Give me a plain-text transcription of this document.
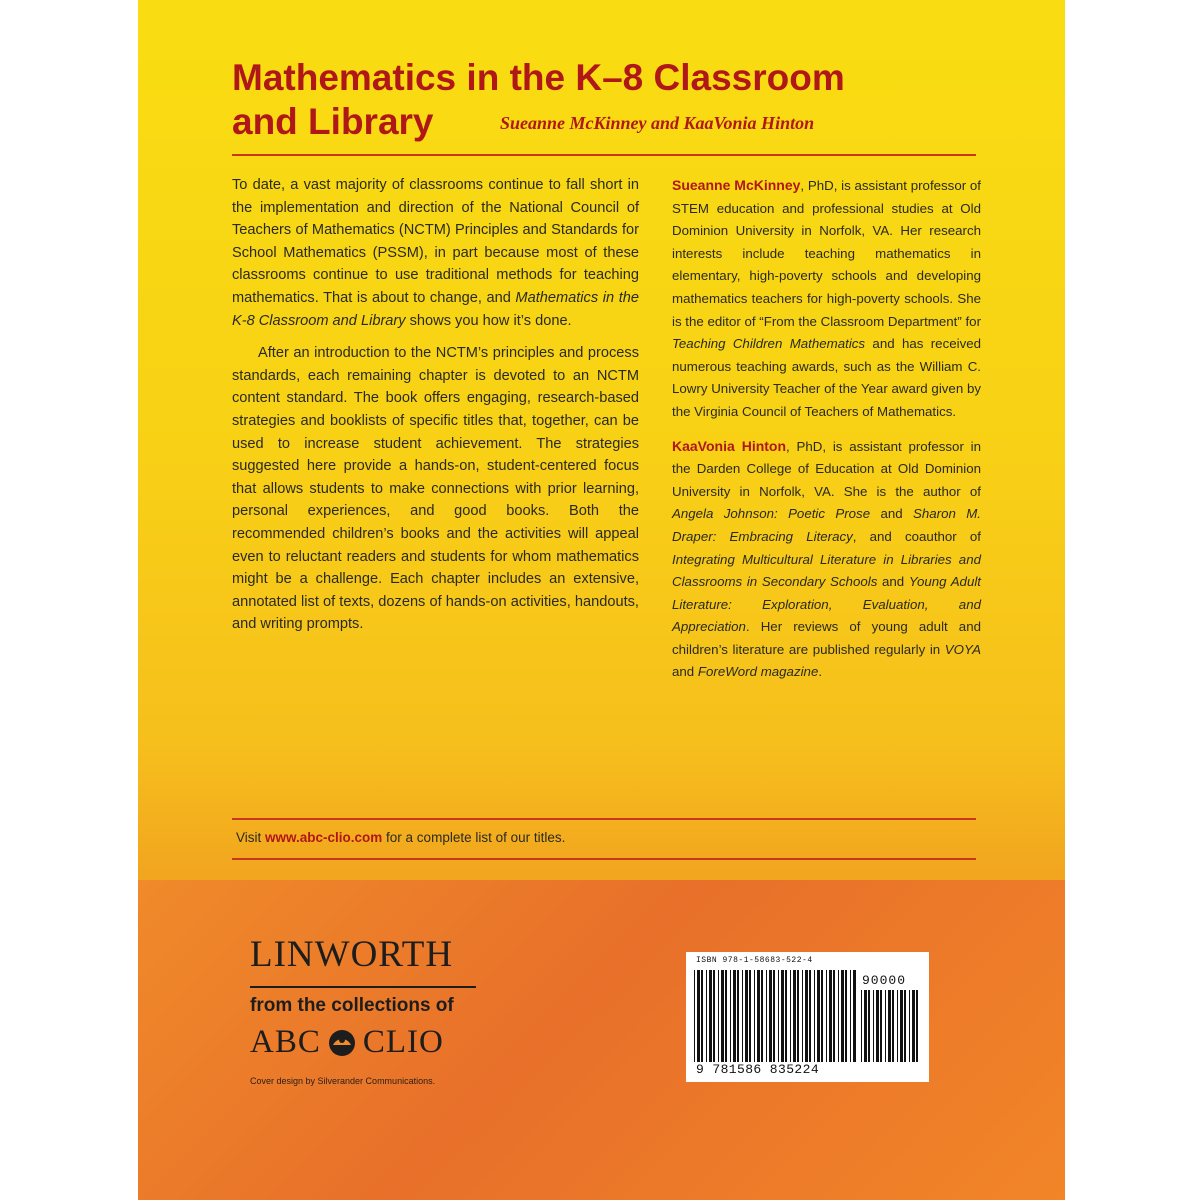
Mathematics in the K–8 Classroom
and Library	Sueanne McKinney and KaaVonia Hinton

To date, a vast majority of classrooms continue to fall short in the implementation and direction of the National Council of Teachers of Mathematics (NCTM) Principles and Standards for School Mathematics (PSSM), in part because most of these classrooms continue to use traditional methods for teaching mathematics. That is about to change, and Mathematics in the K-8 Classroom and Library shows you how it’s done.

After an introduction to the NCTM’s principles and process standards, each remaining chapter is devoted to an NCTM content standard. The book offers engaging, research-based strategies and booklists of specific titles that, together, can be used to increase student achievement. The strategies suggested here provide a hands-on, student-centered focus that allows students to make connections with prior learning, personal experiences, and good books. Both the recommended children’s books and the activities will appeal even to reluctant readers and students for whom mathematics might be a challenge. Each chapter includes an extensive, annotated list of texts, dozens of hands-on activities, handouts, and writing prompts.

Sueanne McKinney, PhD, is assistant professor of STEM education and professional studies at Old Dominion University in Norfolk, VA. Her research interests include teaching mathematics in elementary, high-poverty schools and developing mathematics teachers for high-poverty schools. She is the editor of “From the Classroom Department” for Teaching Children Mathematics and has received numerous teaching awards, such as the William C. Lowry University Teacher of the Year award given by the Virginia Council of Teachers of Mathematics.

KaaVonia Hinton, PhD, is assistant professor in the Darden College of Education at Old Dominion University in Norfolk, VA. She is the author of Angela Johnson: Poetic Prose and Sharon M. Draper: Embracing Literacy, and coauthor of Integrating Multicultural Literature in Libraries and Classrooms in Secondary Schools and Young Adult Literature: Exploration, Evaluation, and Appreciation. Her reviews of young adult and children’s literature are published regularly in VOYA and ForeWord magazine.

Visit www.abc-clio.com for a complete list of our titles.
LINWORTH
from the collections of
ABC CLIO
Cover design by Silverander Communications.
ISBN 978-1-58683-522-4
90000
9 781586 835224
